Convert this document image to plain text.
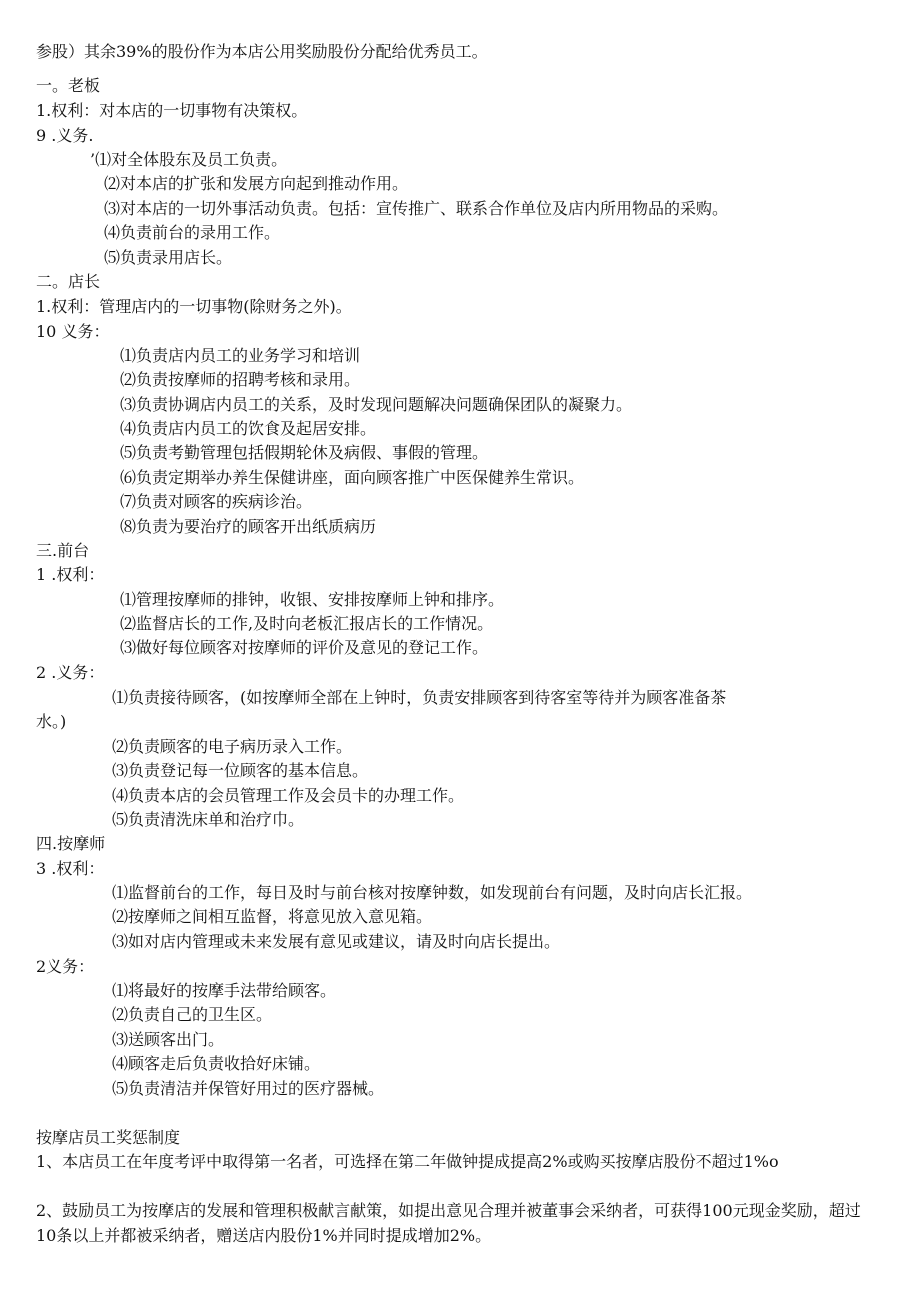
参股）其余39%的股份作为本店公用奖励股份分配给优秀员工。
一。老板
1.权利：对本店的一切事物有决策权。
9 .义务.
’⑴对全体股东及员工负责。
⑵对本店的扩张和发展方向起到推动作用。
⑶对本店的一切外事活动负责。包括：宣传推广、联系合作单位及店内所用物品的采购。
⑷负责前台的录用工作。
⑸负责录用店长。
二。店长
1.权利：管理店内的一切事物(除财务之外)。
10 义务：
⑴负责店内员工的业务学习和培训
⑵负责按摩师的招聘考核和录用。
⑶负责协调店内员工的关系，及时发现问题解决问题确保团队的凝聚力。
⑷负责店内员工的饮食及起居安排。
⑸负责考勤管理包括假期轮休及病假、事假的管理。
⑹负责定期举办养生保健讲座，面向顾客推广中医保健养生常识。
⑺负责对顾客的疾病诊治。
⑻负责为要治疗的顾客开出纸质病历
三.前台
1 .权利：
⑴管理按摩师的排钟，收银、安排按摩师上钟和排序。
⑵监督店长的工作,及时向老板汇报店长的工作情况。
⑶做好每位顾客对按摩师的评价及意见的登记工作。
2 .义务：
⑴负责接待顾客，(如按摩师全部在上钟时，负责安排顾客到待客室等待并为顾客准备茶
水。)
⑵负责顾客的电子病历录入工作。
⑶负责登记每一位顾客的基本信息。
⑷负责本店的会员管理工作及会员卡的办理工作。
⑸负责清洗床单和治疗巾。
四.按摩师
3 .权利：
⑴监督前台的工作，每日及时与前台核对按摩钟数，如发现前台有问题，及时向店长汇报。
⑵按摩师之间相互监督，将意见放入意见箱。
⑶如对店内管理或未来发展有意见或建议，请及时向店长提出。
2义务：
⑴将最好的按摩手法带给顾客。
⑵负责自己的卫生区。
⑶送顾客出门。
⑷顾客走后负责收拾好床铺。
⑸负责清洁并保管好用过的医疗器械。
按摩店员工奖惩制度
1、本店员工在年度考评中取得第一名者，可选择在第二年做钟提成提高2%或购买按摩店股份不超过1%o
2、鼓励员工为按摩店的发展和管理积极献言献策，如提出意见合理并被董事会采纳者，可获得100元现金奖励，超过10条以上并都被采纳者，赠送店内股份1%并同时提成增加2%。
